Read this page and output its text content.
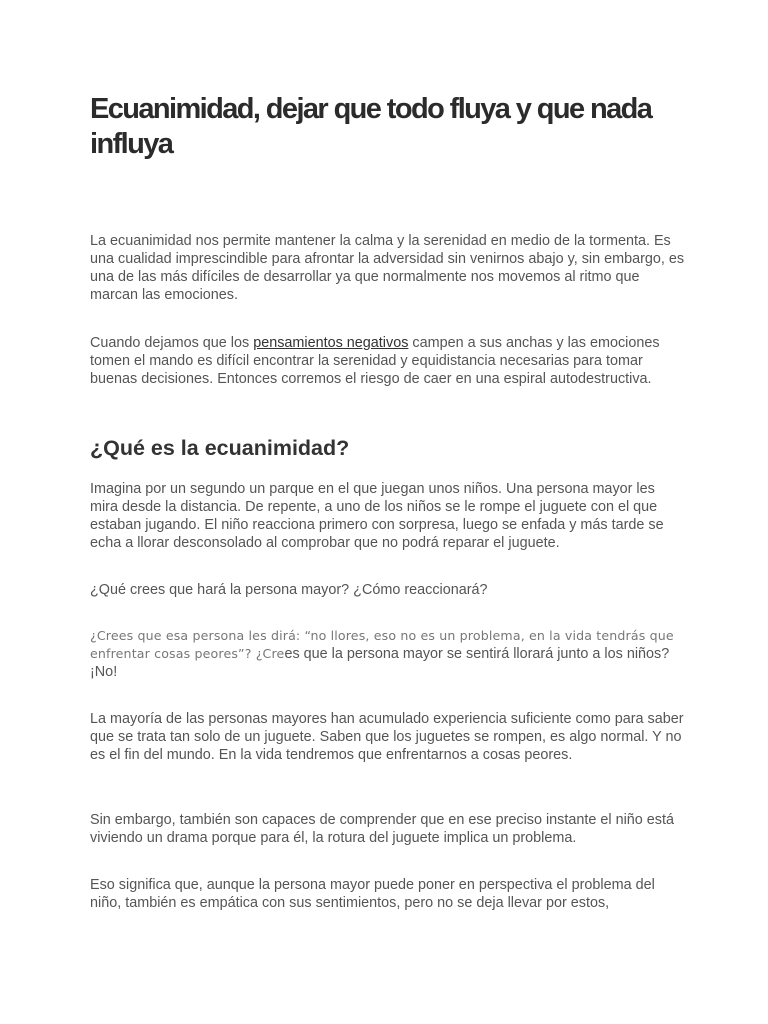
Ecuanimidad, dejar que todo fluya y que nada influya

La ecuanimidad nos permite mantener la calma y la serenidad en medio de la tormenta. Es una cualidad imprescindible para afrontar la adversidad sin venirnos abajo y, sin embargo, es una de las más difíciles de desarrollar ya que normalmente nos movemos al ritmo que marcan las emociones.

Cuando dejamos que los pensamientos negativos campen a sus anchas y las emociones tomen el mando es difícil encontrar la serenidad y equidistancia necesarias para tomar buenas decisiones. Entonces corremos el riesgo de caer en una espiral autodestructiva.

¿Qué es la ecuanimidad?

Imagina por un segundo un parque en el que juegan unos niños. Una persona mayor les mira desde la distancia. De repente, a uno de los niños se le rompe el juguete con el que estaban jugando. El niño reacciona primero con sorpresa, luego se enfada y más tarde se echa a llorar desconsolado al comprobar que no podrá reparar el juguete.

¿Qué crees que hará la persona mayor? ¿Cómo reaccionará?

¿Crees que esa persona les dirá: “no llores, eso no es un problema, en la vida tendrás que enfrentar cosas peores”? ¿Crees que la persona mayor se sentirá llorará junto a los niños? ¡No!

La mayoría de las personas mayores han acumulado experiencia suficiente como para saber que se trata tan solo de un juguete. Saben que los juguetes se rompen, es algo normal. Y no es el fin del mundo. En la vida tendremos que enfrentarnos a cosas peores.

Sin embargo, también son capaces de comprender que en ese preciso instante el niño está viviendo un drama porque para él, la rotura del juguete implica un problema.

Eso significa que, aunque la persona mayor puede poner en perspectiva el problema del niño, también es empática con sus sentimientos, pero no se deja llevar por estos,
